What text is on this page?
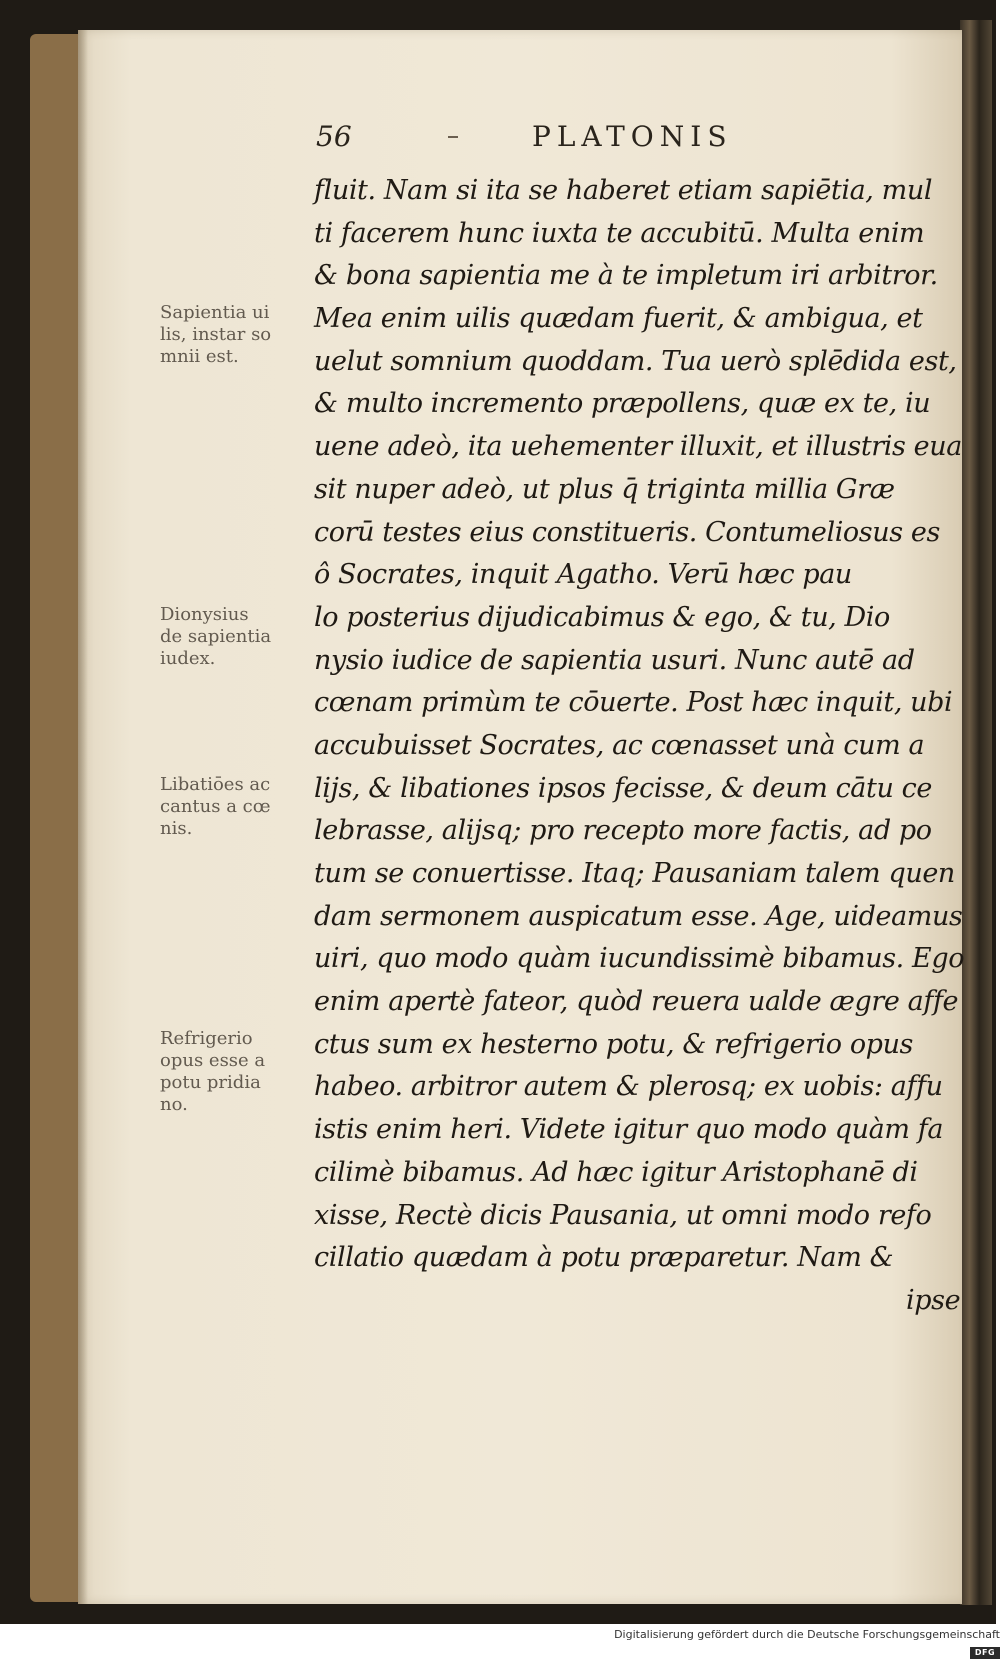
56	PLATONIS
fluit. Nam si ita se haberet etiam sapiētia, mul
ti facerem hunc iuxta te accubitū. Multa enim
& bona sapientia me à te impletum iri arbitror.
Mea enim uilis quædam fuerit, & ambigua, et
uelut somnium quoddam. Tua uerò splēdida est,
& multo incremento præpollens, quæ ex te, iu
uene adeò, ita uehementer illuxit, et illustris eua
sit nuper adeò, ut plus q̄ triginta millia Græ
corū testes eius constitueris. Contumeliosus es
ô Socrates, inquit Agatho. Verū hæc pau
lo posterius dijudicabimus & ego, & tu, Dio
nysio iudice de sapientia usuri. Nunc autē ad
cœnam primùm te cōuerte. Post hæc inquit, ubi
accubuisset Socrates, ac cœnasset unà cum a
lijs, & libationes ipsos fecisse, & deum cātu ce
lebrasse, alijsq; pro recepto more factis, ad po
tum se conuertisse. Itaq; Pausaniam talem quen
dam sermonem auspicatum esse. Age, uideamus
uiri, quo modo quàm iucundissimè bibamus. Ego
enim apertè fateor, quòd reuera ualde ægre affe
ctus sum ex hesterno potu, & refrigerio opus
habeo. arbitror autem & plerosq; ex uobis: affu
istis enim heri. Videte igitur quo modo quàm fa
cilimè bibamus. Ad hæc igitur Aristophanē di
xisse, Rectè dicis Pausania, ut omni modo refo
cillatio quædam à potu præparetur. Nam &
ipse
Sapientia ui
lis, instar so
mnii est.
Dionysius
de sapientia
iudex.
Libatiōes ac
cantus a cœ
nis.
Refrigerio
opus esse a
potu pridia
no.
Digitalisierung gefördert durch die Deutsche Forschungsgemeinschaft DFG
